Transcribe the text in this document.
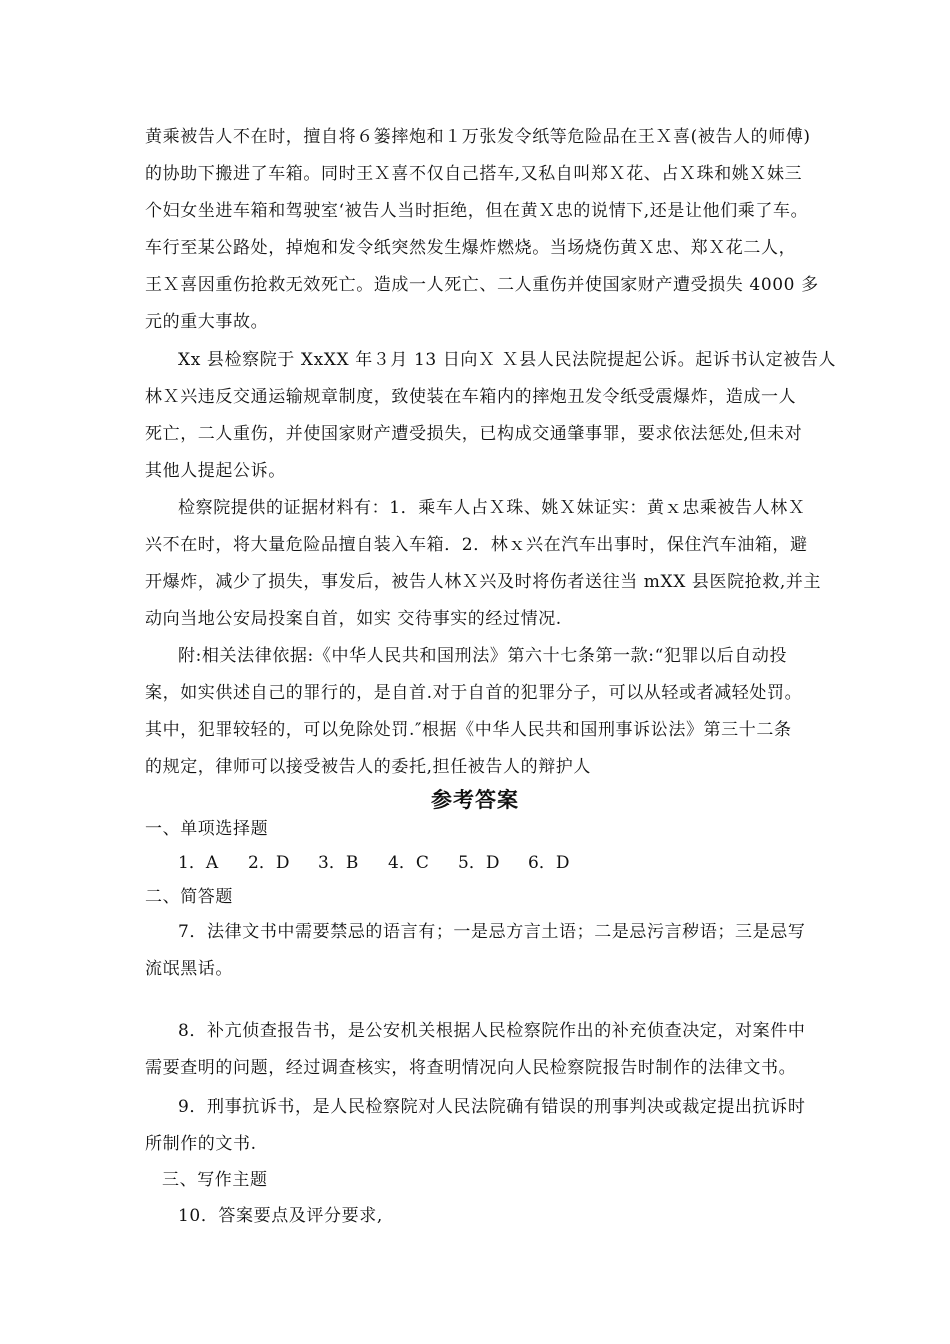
黄乘被告人不在时，擅自将６篓摔炮和１万张发令纸等危险品在王Ｘ喜(被告人的师傅)
的协助下搬进了车箱。同时王Ｘ喜不仅自己搭车,又私自叫郑Ｘ花、占Ｘ珠和姚Ｘ妹三
个妇女坐进车箱和驾驶室‘被告人当时拒绝，但在黄Ｘ忠的说情下,还是让他们乘了车。
车行至某公路处，掉炮和发令纸突然发生爆炸燃烧。当场烧伤黄Ｘ忠、郑Ｘ花二人，
王Ｘ喜因重伤抢救无效死亡。造成一人死亡、二人重伤并使国家财产遭受损失 4000 多
元的重大事故。
Xx 县检察院于 XxXX 年３月 13 日向Ｘ Ｘ县人民法院提起公诉。起诉书认定被告人
林Ｘ兴违反交通运输规章制度，致使装在车箱内的摔炮丑发令纸受震爆炸，造成一人
死亡，二人重伤，并使国家财产遭受损失，已构成交通肇事罪，要求依法惩处,但未对
其他人提起公诉。
检察院提供的证据材料有：1．乘车人占Ｘ珠、姚Ｘ妹证实：黄ｘ忠乘被告人林Ｘ
兴不在时，将大量危险品擅自装入车箱．2．林ｘ兴在汽车出事时，保住汽车油箱，避
开爆炸，减少了损失，事发后，被告人林Ｘ兴及时将伤者送往当 mXX 县医院抢救,并主
动向当地公安局投案自首，如实 交待事实的经过情况.
附:相关法律依据:《中华人民共和国刑法》第六十七条第一款:“犯罪以后自动投
案，如实供述自己的罪行的，是自首.对于自首的犯罪分子，可以从轻或者减轻处罚。
其中，犯罪较轻的，可以免除处罚.″根据《中华人民共和国刑事诉讼法》第三十二条
的规定，律师可以接受被告人的委托,担任被告人的辩护人
参考答案
一、单项选择题
1．A 2．D 3．B 4．C 5．D 6．D
二、简答题
7．法律文书中需要禁忌的语言有；一是忌方言土语；二是忌污言秽语；三是忌写
流氓黑话。
8．补亢侦查报告书，是公安机关根据人民检察院作出的补充侦查决定，对案件中
需要查明的问题，经过调查核实，将查明情况向人民检察院报告时制作的法律文书。
9．刑事抗诉书，是人民检察院对人民法院确有错误的刑事判决或裁定提出抗诉时
所制作的文书.
三、写作主题
10．答案要点及评分要求,
